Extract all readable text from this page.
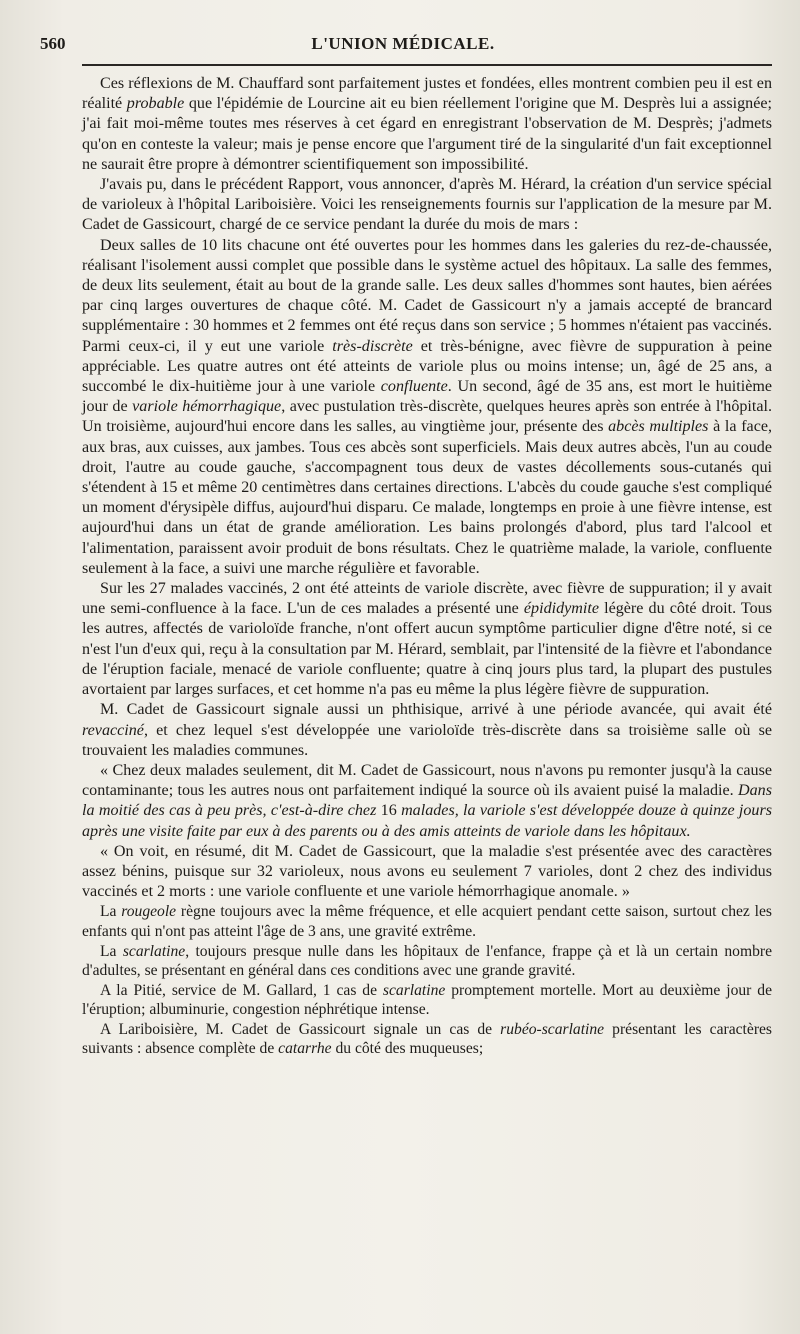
560	L'UNION MÉDICALE.

Ces réflexions de M. Chauffard sont parfaitement justes et fondées, elles montrent combien peu il est en réalité probable que l'épidémie de Lourcine ait eu bien réellement l'origine que M. Desprès lui a assignée; j'ai fait moi-même toutes mes réserves à cet égard en enregistrant l'observation de M. Desprès; j'admets qu'on en conteste la valeur; mais je pense encore que l'argument tiré de la singularité d'un fait exceptionnel ne saurait être propre à démontrer scientifiquement son impossibilité.

J'avais pu, dans le précédent Rapport, vous annoncer, d'après M. Hérard, la création d'un service spécial de varioleux à l'hôpital Lariboisière. Voici les renseignements fournis sur l'application de la mesure par M. Cadet de Gassicourt, chargé de ce service pendant la durée du mois de mars :

Deux salles de 10 lits chacune ont été ouvertes pour les hommes dans les galeries du rez-de-chaussée, réalisant l'isolement aussi complet que possible dans le système actuel des hôpitaux. La salle des femmes, de deux lits seulement, était au bout de la grande salle. Les deux salles d'hommes sont hautes, bien aérées par cinq larges ouvertures de chaque côté. M. Cadet de Gassicourt n'y a jamais accepté de brancard supplémentaire : 30 hommes et 2 femmes ont été reçus dans son service ; 5 hommes n'étaient pas vaccinés. Parmi ceux-ci, il y eut une variole très-discrète et très-bénigne, avec fièvre de suppuration à peine appréciable. Les quatre autres ont été atteints de variole plus ou moins intense; un, âgé de 25 ans, a succombé le dix-huitième jour à une variole confluente. Un second, âgé de 35 ans, est mort le huitième jour de variole hémorrhagique, avec pustulation très-discrète, quelques heures après son entrée à l'hôpital. Un troisième, aujourd'hui encore dans les salles, au vingtième jour, présente des abcès multiples à la face, aux bras, aux cuisses, aux jambes. Tous ces abcès sont superficiels. Mais deux autres abcès, l'un au coude droit, l'autre au coude gauche, s'accompagnent tous deux de vastes décollements sous-cutanés qui s'étendent à 15 et même 20 centimètres dans certaines directions. L'abcès du coude gauche s'est compliqué un moment d'érysipèle diffus, aujourd'hui disparu. Ce malade, longtemps en proie à une fièvre intense, est aujourd'hui dans un état de grande amélioration. Les bains prolongés d'abord, plus tard l'alcool et l'alimentation, paraissent avoir produit de bons résultats. Chez le quatrième malade, la variole, confluente seulement à la face, a suivi une marche régulière et favorable.

Sur les 27 malades vaccinés, 2 ont été atteints de variole discrète, avec fièvre de suppuration; il y avait une semi-confluence à la face. L'un de ces malades a présenté une épididymite légère du côté droit. Tous les autres, affectés de varioloïde franche, n'ont offert aucun symptôme particulier digne d'être noté, si ce n'est l'un d'eux qui, reçu à la consultation par M. Hérard, semblait, par l'intensité de la fièvre et l'abondance de l'éruption faciale, menacé de variole confluente; quatre à cinq jours plus tard, la plupart des pustules avortaient par larges surfaces, et cet homme n'a pas eu même la plus légère fièvre de suppuration.

M. Cadet de Gassicourt signale aussi un phthisique, arrivé à une période avancée, qui avait été revacciné, et chez lequel s'est développée une varioloïde très-discrète dans sa troisième salle où se trouvaient les maladies communes.

« Chez deux malades seulement, dit M. Cadet de Gassicourt, nous n'avons pu remonter jusqu'à la cause contaminante; tous les autres nous ont parfaitement indiqué la source où ils avaient puisé la maladie. Dans la moitié des cas à peu près, c'est-à-dire chez 16 malades, la variole s'est développée douze à quinze jours après une visite faite par eux à des parents ou à des amis atteints de variole dans les hôpitaux.

« On voit, en résumé, dit M. Cadet de Gassicourt, que la maladie s'est présentée avec des caractères assez bénins, puisque sur 32 varioleux, nous avons eu seulement 7 varioles, dont 2 chez des individus vaccinés et 2 morts : une variole confluente et une variole hémorrhagique anomale. »

La rougeole règne toujours avec la même fréquence, et elle acquiert pendant cette saison, surtout chez les enfants qui n'ont pas atteint l'âge de 3 ans, une gravité extrême.

La scarlatine, toujours presque nulle dans les hôpitaux de l'enfance, frappe çà et là un certain nombre d'adultes, se présentant en général dans ces conditions avec une grande gravité.

A la Pitié, service de M. Gallard, 1 cas de scarlatine promptement mortelle. Mort au deuxième jour de l'éruption; albuminurie, congestion néphrétique intense.

A Lariboisière, M. Cadet de Gassicourt signale un cas de rubéo-scarlatine présentant les caractères suivants : absence complète de catarrhe du côté des muqueuses;
